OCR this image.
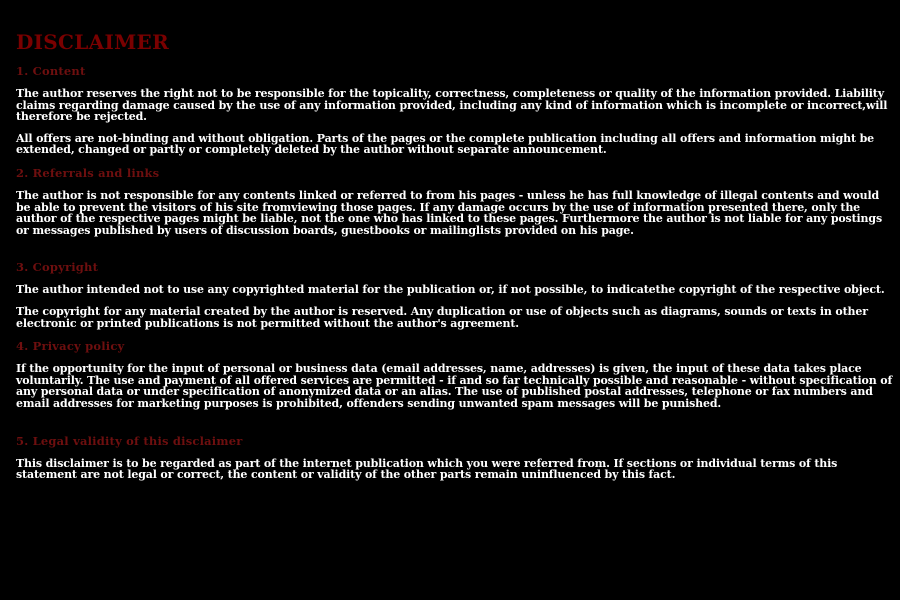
DISCLAIMER
1. Content
The author reserves the right not to be responsible for the topicality, correctness, completeness or quality of the information provided. Liability claims regarding damage caused by the use of any information provided, including any kind of information which is incomplete or incorrect,will therefore be rejected.
All offers are not-binding and without obligation. Parts of the pages or the complete publication including all offers and information might be extended, changed or partly or completely deleted by the author without separate announcement.
2. Referrals and links
The author is not responsible for any contents linked or referred to from his pages - unless he has full knowledge of illegal contents and would be able to prevent the visitors of his site fromviewing those pages. If any damage occurs by the use of information presented there, only the author of the respective pages might be liable, not the one who has linked to these pages. Furthermore the author is not liable for any postings or messages published by users of discussion boards, guestbooks or mailinglists provided on his page.
3. Copyright
The author intended not to use any copyrighted material for the publication or, if not possible, to indicatethe copyright of the respective object.
The copyright for any material created by the author is reserved. Any duplication or use of objects such as diagrams, sounds or texts in other electronic or printed publications is not permitted without the author's agreement.
4. Privacy policy
If the opportunity for the input of personal or business data (email addresses, name, addresses) is given, the input of these data takes place voluntarily. The use and payment of all offered services are permitted - if and so far technically possible and reasonable - without specification of any personal data or under specification of anonymized data or an alias. The use of published postal addresses, telephone or fax numbers and email addresses for marketing purposes is prohibited, offenders sending unwanted spam messages will be punished.
5. Legal validity of this disclaimer
This disclaimer is to be regarded as part of the internet publication which you were referred from. If sections or individual terms of this statement are not legal or correct, the content or validity of the other parts remain uninfluenced by this fact.
